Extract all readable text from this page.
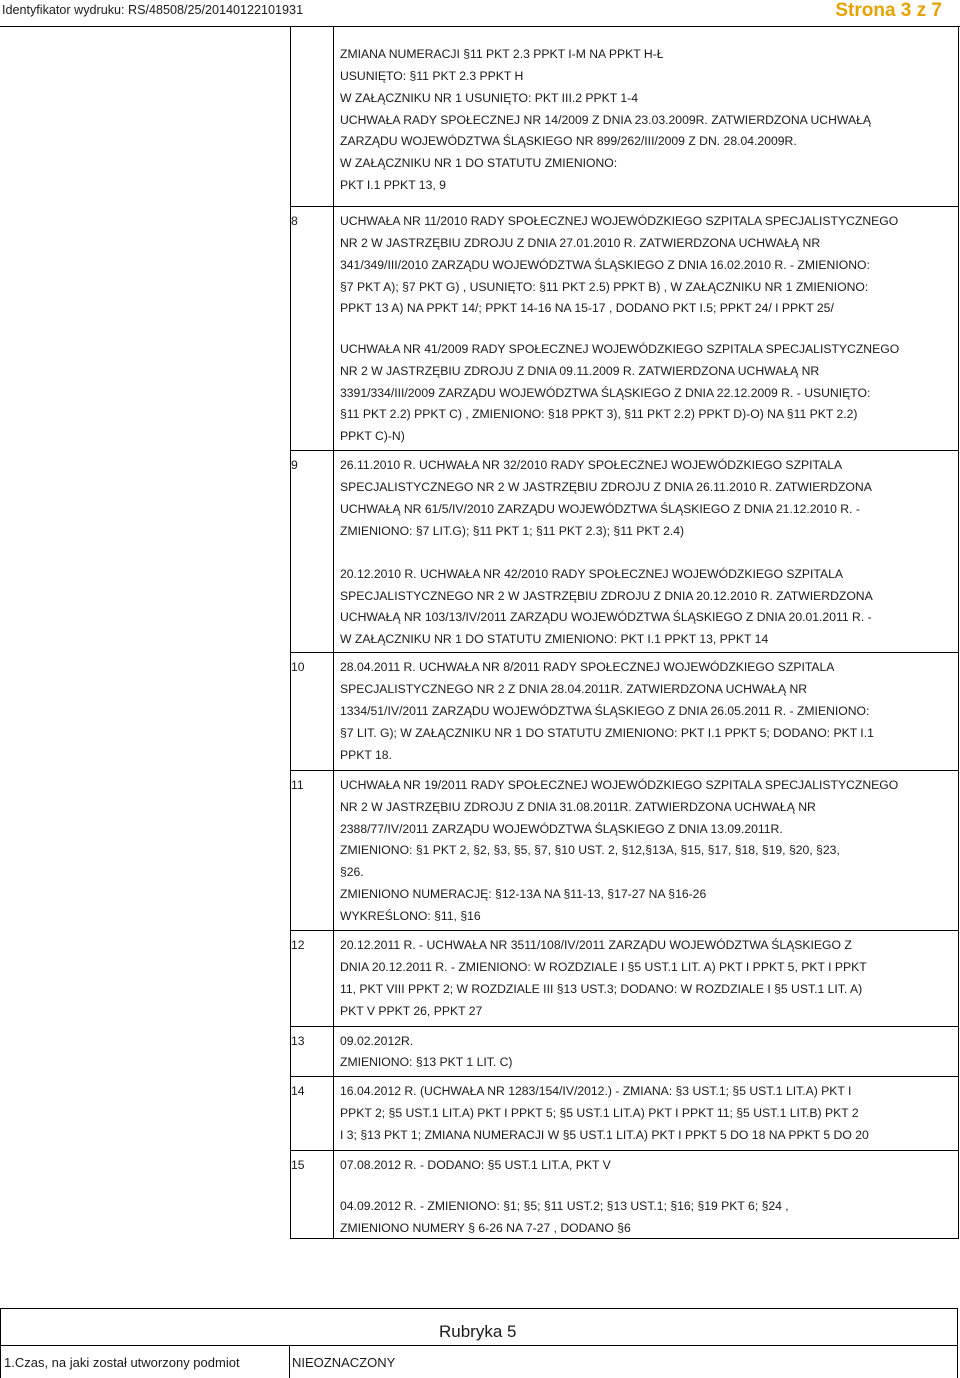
Identyfikator wydruku: RS/48508/25/20140122101931	Strona 3 z 7
ZMIANA NUMERACJI §11 PKT 2.3 PPKT I-M NA PPKT H-Ł
USUNIĘTO: §11 PKT 2.3 PPKT H
W ZAŁĄCZNIKU NR 1 USUNIĘTO: PKT III.2 PPKT 1-4
UCHWAŁA RADY SPOŁECZNEJ NR 14/2009 Z DNIA 23.03.2009R. ZATWIERDZONA UCHWAŁĄ
ZARZĄDU WOJEWÓDZTWA ŚLĄSKIEGO NR 899/262/III/2009 Z DN. 28.04.2009R.
W ZAŁĄCZNIKU NR 1 DO STATUTU ZMIENIONO:
PKT I.1 PPKT 13, 9
8	UCHWAŁA NR 11/2010 RADY SPOŁECZNEJ WOJEWÓDZKIEGO SZPITALA SPECJALISTYCZNEGO
NR 2 W JASTRZĘBIU ZDROJU Z DNIA 27.01.2010 R. ZATWIERDZONA UCHWAŁĄ NR
341/349/III/2010 ZARZĄDU WOJEWÓDZTWA ŚLĄSKIEGO Z DNIA 16.02.2010 R. - ZMIENIONO:
§7 PKT A); §7 PKT G) , USUNIĘTO: §11 PKT 2.5) PPKT B) , W ZAŁĄCZNIKU NR 1 ZMIENIONO:
PPKT 13 A) NA PPKT 14/; PPKT 14-16 NA 15-17 , DODANO PKT I.5; PPKT 24/ I PPKT 25/
UCHWAŁA NR 41/2009 RADY SPOŁECZNEJ WOJEWÓDZKIEGO SZPITALA SPECJALISTYCZNEGO
NR 2 W JASTRZĘBIU ZDROJU Z DNIA 09.11.2009 R. ZATWIERDZONA UCHWAŁĄ NR
3391/334/III/2009 ZARZĄDU WOJEWÓDZTWA ŚLĄSKIEGO Z DNIA 22.12.2009 R. - USUNIĘTO:
§11 PKT 2.2) PPKT C) , ZMIENIONO: §18 PPKT 3), §11 PKT 2.2) PPKT D)-O) NA §11 PKT 2.2)
PPKT C)-N)
9	26.11.2010 R. UCHWAŁA NR 32/2010 RADY SPOŁECZNEJ WOJEWÓDZKIEGO SZPITALA
SPECJALISTYCZNEGO NR 2 W JASTRZĘBIU ZDROJU Z DNIA 26.11.2010 R. ZATWIERDZONA
UCHWAŁĄ NR 61/5/IV/2010 ZARZĄDU WOJEWÓDZTWA ŚLĄSKIEGO Z DNIA 21.12.2010 R. -
ZMIENIONO: §7 LIT.G); §11 PKT 1; §11 PKT 2.3); §11 PKT 2.4)
20.12.2010 R. UCHWAŁA NR 42/2010 RADY SPOŁECZNEJ WOJEWÓDZKIEGO SZPITALA
SPECJALISTYCZNEGO NR 2 W JASTRZĘBIU ZDROJU Z DNIA 20.12.2010 R. ZATWIERDZONA
UCHWAŁĄ NR 103/13/IV/2011 ZARZĄDU WOJEWÓDZTWA ŚLĄSKIEGO Z DNIA 20.01.2011 R. -
W ZAŁĄCZNIKU NR 1 DO STATUTU ZMIENIONO: PKT I.1 PPKT 13, PPKT 14
10	28.04.2011 R. UCHWAŁA NR 8/2011 RADY SPOŁECZNEJ WOJEWÓDZKIEGO SZPITALA
SPECJALISTYCZNEGO NR 2 Z DNIA 28.04.2011R. ZATWIERDZONA UCHWAŁĄ NR
1334/51/IV/2011 ZARZĄDU WOJEWÓDZTWA ŚLĄSKIEGO Z DNIA 26.05.2011 R. - ZMIENIONO:
§7 LIT. G); W ZAŁĄCZNIKU NR 1 DO STATUTU ZMIENIONO: PKT I.1 PPKT 5; DODANO: PKT I.1
PPKT 18.
11	UCHWAŁA NR 19/2011 RADY SPOŁECZNEJ WOJEWÓDZKIEGO SZPITALA SPECJALISTYCZNEGO
NR 2 W JASTRZĘBIU ZDROJU Z DNIA 31.08.2011R. ZATWIERDZONA UCHWAŁĄ NR
2388/77/IV/2011 ZARZĄDU WOJEWÓDZTWA ŚLĄSKIEGO Z DNIA 13.09.2011R.
ZMIENIONO: §1 PKT 2, §2, §3, §5, §7, §10 UST. 2, §12,§13A, §15, §17, §18, §19, §20, §23,
§26.
ZMIENIONO NUMERACJĘ: §12-13A NA §11-13, §17-27 NA §16-26
WYKREŚLONO: §11, §16
12	20.12.2011 R. - UCHWAŁA NR 3511/108/IV/2011 ZARZĄDU WOJEWÓDZTWA ŚLĄSKIEGO Z
DNIA 20.12.2011 R. - ZMIENIONO: W ROZDZIALE I §5 UST.1 LIT. A) PKT I PPKT 5, PKT I PPKT
11, PKT VIII PPKT 2; W ROZDZIALE III §13 UST.3; DODANO: W ROZDZIALE I §5 UST.1 LIT. A)
PKT V PPKT 26, PPKT 27
13	09.02.2012R.
ZMIENIONO: §13 PKT 1 LIT. C)
14	16.04.2012 R. (UCHWAŁA NR 1283/154/IV/2012.) - ZMIANA: §3 UST.1; §5 UST.1 LIT.A) PKT I
PPKT 2; §5 UST.1 LIT.A) PKT I PPKT 5; §5 UST.1 LIT.A) PKT I PPKT 11; §5 UST.1 LIT.B) PKT 2
I 3; §13 PKT 1; ZMIANA NUMERACJI W §5 UST.1 LIT.A) PKT I PPKT 5 DO 18 NA PPKT 5 DO 20
15	07.08.2012 R. - DODANO: §5 UST.1 LIT.A, PKT V
04.09.2012 R. - ZMIENIONO: §1; §5; §11 UST.2; §13 UST.1; §16; §19 PKT 6; §24 ,
ZMIENIONO NUMERY § 6-26 NA 7-27 , DODANO §6
Rubryka 5
1.Czas, na jaki został utworzony podmiot	NIEOZNACZONY
